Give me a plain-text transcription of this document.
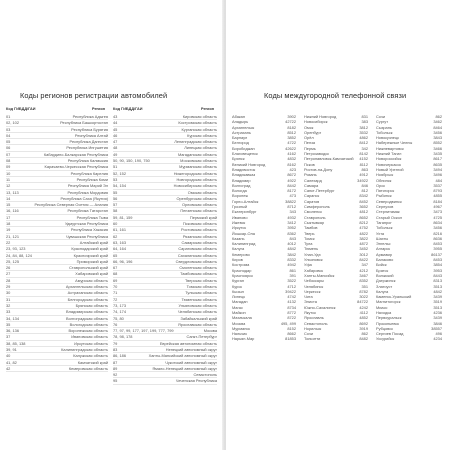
Коды регионов регистрации автомобилей
Код ГИБДД/ГАИ	Регион Код ГИБДД/ГАИ	Регион
01	Республика Адыгея
02, 102	Республика Башкортостан
03	Республика Бурятия
04	Республика Алтай
05	Республика Дагестан
06	Республика Ингушетия
07	Кабардино-Балкарская Республика
08	Республика Калмыкия
09	Карачаево-Черкесская Республика
10	Республика Карелия
11	Республика Коми
12	Республика Марий Эл
13, 113	Республика Мордовия
14	Республика Саха (Якутия)
15	Республика Северная Осетия — Алания
16, 116	Республика Татарстан
17	Республика Тыва
18	Удмуртская Республика
19	Республика Хакасия
21, 121	Чувашская Республика
22	Алтайский край
23, 93, 123	Краснодарский край
24, 84, 88, 124	Красноярский край
25, 125	Приморский край
26	Ставропольский край
27	Хабаровский край
28	Амурская область
29	Архангельская область
30	Астраханская область
31	Белгородская область
32	Брянская область
33	Владимирская область
34, 134	Волгоградская область
35	Вологодская область
36, 136	Воронежская область
37	Ивановская область
38, 85, 138	Иркутская область
39, 91	Калининградская область
40	Калужская область
41, 82	Камчатский край
42	Кемеровская область
43	Кировская область
44	Костромская область
45	Курганская область
46	Курская область
47	Ленинградская область
48	Липецкая область
49	Магаданская область
50, 90, 150, 190, 750	Московская область
51	Мурманская область
52, 152	Нижегородская область
53	Новгородская область
54, 154	Новосибирская область
55	Омская область
56	Оренбургская область
57	Орловская область
58	Пензенская область
59, 81, 159	Пермский край
60	Псковская область
61, 161	Ростовская область
62	Рязанская область
63, 163	Самарская область
64, 164	Саратовская область
65	Сахалинская область
66, 96, 196	Свердловская область
67	Смоленская область
68	Тамбовская область
69	Тверская область
70	Томская область
71	Тульская область
72	Тюменская область
73, 173	Ульяновская область
74, 174	Челябинская область
75, 80	Забайкальский край
76	Ярославская область
77, 97, 99, 177, 197, 199, 777, 799	Москва
78, 98, 178	Санкт-Петербург
79	Еврейская автономная область
83	Ненецкий автономный округ
86, 186	Ханты-Мансийский автономный округ
87	Чукотский автономный округ
89	Ямало-Ненецкий автономный округ
92	Севастополь
95	Чеченская Республика
Коды междугородной телефонной связи
Абакан	3902
Анадырь	42722
Архангельск	8182
Астрахань	8512
Барнаул	3852
Белгород	4722
Биробиджан	42622
Благовещенск	4162
Брянск	4832
Великий Новгород	8162
Владивосток	423
Владикавказ	8672
Владимир	4922
Волгоград	8442
Вологда	8172
Воронеж	473
Горно-Алтайск	38822
Грозный	8712
Екатеринбург	343
Иваново	4932
Ижевск	3412
Иркутск	3952
Йошкар-Ола	8362
Казань	843
Калининград	4012
Калуга	4842
Кемерово	3842
Киров	8332
Кострома	4942
Краснодар	861
Красноярск	391
Курган	3522
Курск	4712
Кызыл	39422
Липецк	4742
Магадан	4132
Магас	8734
Майкоп	8772
Махачкала	8722
Москва	495, 499
Мурманск	8152
Нальчик	8662
Нарьян-Мар	81853
Нижний Новгород	831
Новосибирск	383
Омск	3812
Оренбург	3532
Орёл	4862
Пенза	8412
Пермь	342
Петрозаводск	8142
Петропавловск-Камчатский 4152
Псков	8112
Ростов-на-Дону	863
Рязань	4912
Салехард	34922
Самара	846
Санкт-Петербург	812
Саранск	8342
Саратов	8452
Симферополь	3652
Смоленск	4812
Ставрополь	8652
Сыктывкар	8212
Тамбов	4752
Тверь	4822
Томск	3822
Тула	4872
Тюмень	3452
Улан-Удэ	3012
Ульяновск	8422
Уфа	347
Хабаровск	4212
Ханты-Мансийск	3467
Чебоксары	8352
Челябинск	351
Черкесск	8782
Чита	3022
Элиста	84722
Южно-Сахалинск	4242
Якутск	4112
Ярославль	4852
Севастополь	8692
Норильск	3919
Сочи	862
Тольятти	8482
Сочи	862
Сургут	3462
Сызрань	8464
Тобольск	3456
Новокузнецк	3843
Набережные Челны	8552
Нижневартовск	3466
Нижний Тагил	3435
Новороссийск	8617
Новочеркасск	8635
Новый Уренгой	3494
Ноябрьск	3496
Обнинск	484
Орск	3537
Пятигорск	8793
Рыбинск	4855
Северодвинск	8184
Серпухов	4967
Стерлитамак	3473
Старый Оскол	4725
Таганрог	8634
Тобольск	3456
Ухта	8216
Шахты	8636
Энгельс	8453
Ангарск	3955
Армавир	86137
Балаково	8453
Бийск	3854
Братск	3953
Волжский	8443
Дзержинск	8313
Златоуст	3513
Калуга	4842
Каменск-Уральский	3439
Магнитогорск	3519
Миасс	3513
Находка	4236
Первоуральск	3439
Прокопьевск	3846
Рубцовск	38557
Сергиев Посад	496
Уссурийск	4234
